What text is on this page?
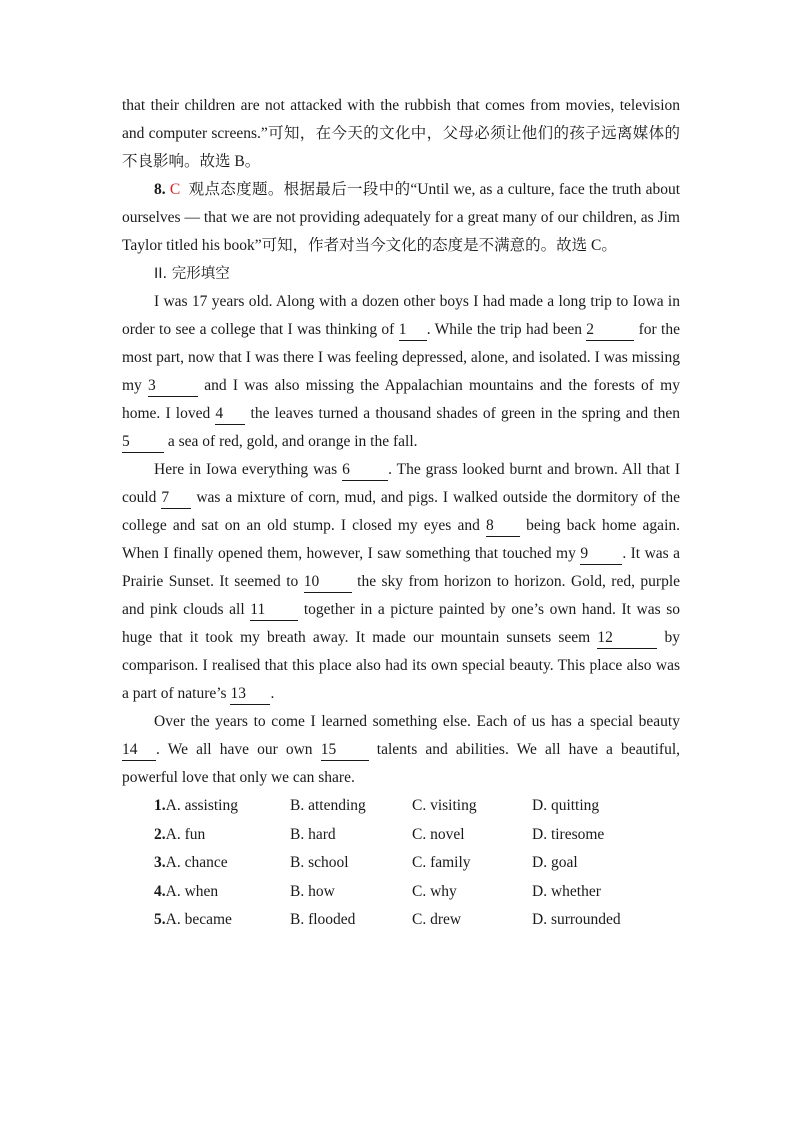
that their children are not attacked with the rubbish that comes from movies, television and computer screens.”可知，在今天的文化中，父母必须让他们的孩子远离媒体的不良影响。故选 B。

8. C 观点态度题。根据最后一段中的“Until we, as a culture, face the truth about ourselves — that we are not providing adequately for a great many of our children, as Jim Taylor titled his book”可知，作者对当今文化的态度是不满意的。故选 C。

II. 完形填空

I was 17 years old. Along with a dozen other boys I had made a long trip to Iowa in order to see a college that I was thinking of 1 . While the trip had been 2	for the most part, now that I was there I was feeling depressed, alone, and isolated. I was missing my 3	and I was also missing the Appalachian mountains and the forests of my home. I loved 4 the leaves turned a thousand shades of green in the spring and then 5 a sea of red, gold, and orange in the fall.

Here in Iowa everything was 6 . The grass looked burnt and brown. All that I could 7 was a mixture of corn, mud, and pigs. I walked outside the dormitory of the college and sat on an old stump. I closed my eyes and 8 being back home again. When I finally opened them, however, I saw something that touched my 9 . It was a Prairie Sunset. It seemed to 10 the sky from horizon to horizon. Gold, red, purple and pink clouds all 11 together in a picture painted by one’s own hand. It was so huge that it took my breath away. It made our mountain sunsets seem 12	by comparison. I realised that this place also had its own special beauty. This place also was a part of nature’s 13 .

Over the years to come I learned something else. Each of us has a special beauty 14 . We all have our own 15 talents and abilities. We all have a beautiful, powerful love that only we can share.

1.A. assisting	B. attending	C. visiting	D. quitting
2.A. fun	B. hard	C. novel	D. tiresome
3.A. chance	B. school	C. family	D. goal
4.A. when	B. how	C. why	D. whether
5.A. became	B. flooded	C. drew	D. surrounded
